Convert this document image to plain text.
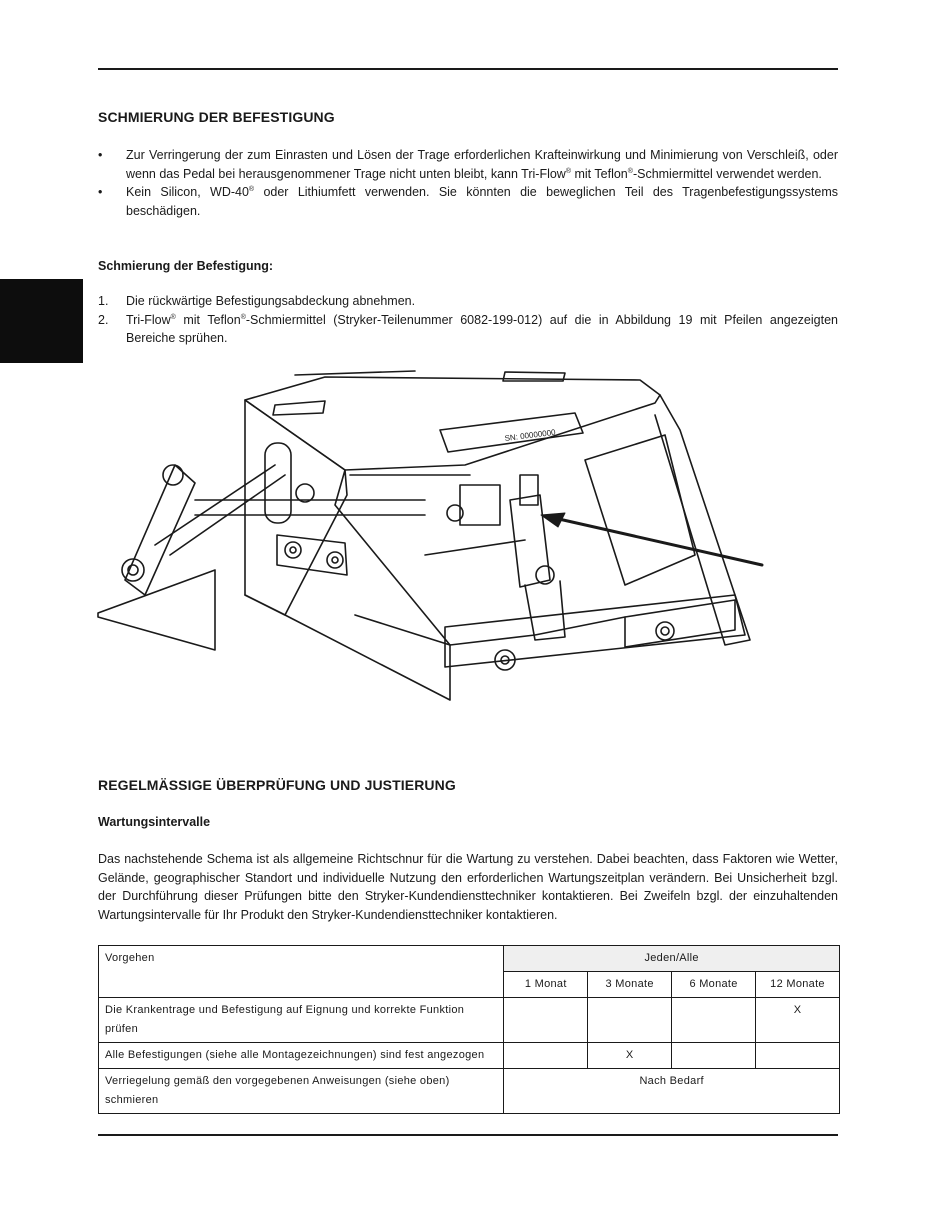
SCHMIERUNG DER BEFESTIGUNG
• Zur Verringerung der zum Einrasten und Lösen der Trage erforderlichen Krafteinwirkung und Minimierung von Verschleiß, oder wenn das Pedal bei herausgenommener Trage nicht unten bleibt, kann Tri-Flow® mit Teflon®-Schmiermittel verwendet werden.
• Kein Silicon, WD-40® oder Lithiumfett verwenden. Sie könnten die beweglichen Teil des Tragenbefestigungssystems beschädigen.
Schmierung der Befestigung:
1. Die rückwärtige Befestigungsabdeckung abnehmen.
2. Tri-Flow® mit Teflon®-Schmiermittel (Stryker-Teilenummer 6082-199-012) auf die in Abbildung 19 mit Pfeilen angezeigten Bereiche sprühen.
SN: 00000000
REGELMÄSSIGE ÜBERPRÜFUNG UND JUSTIERUNG
Wartungsintervalle
Das nachstehende Schema ist als allgemeine Richtschnur für die Wartung zu verstehen. Dabei beachten, dass Faktoren wie Wetter, Gelände, geographischer Standort und individuelle Nutzung den erforderlichen Wartungszeitplan verändern. Bei Unsicherheit bzgl. der Durchführung dieser Prüfungen bitte den Stryker-Kundendiensttechniker kontaktieren. Bei Zweifeln bzgl. der einzuhaltenden Wartungsintervalle für Ihr Produkt den Stryker-Kundendiensttechniker kontaktieren.
Vorgehen	Jeden/Alle			
	1 Monat	3 Monate	6 Monate	12 Monate
Die Krankentrage und Befestigung auf Eignung und korrekte Funktion prüfen				X
Alle Befestigungen (siehe alle Montagezeichnungen) sind fest angezogen		X		
Verriegelung gemäß den vorgegebenen Anweisungen (siehe oben) schmieren	Nach Bedarf			
